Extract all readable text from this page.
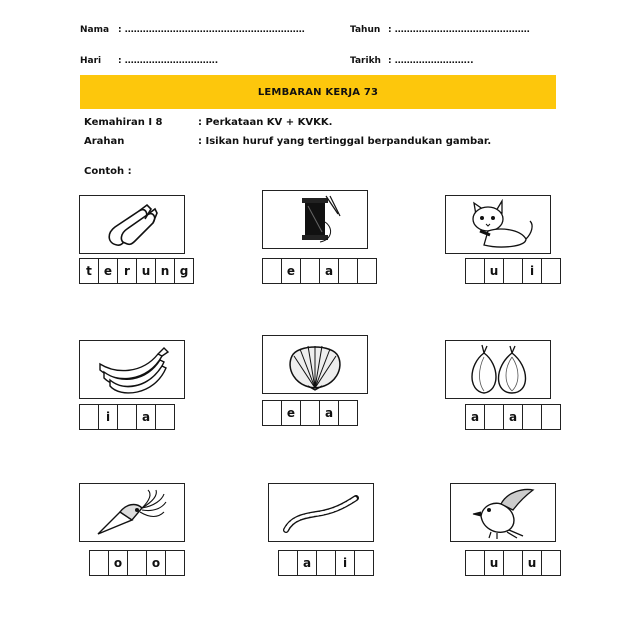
Nama : ……………………………………………………	Tahun : ………………………………………
Hari : ………………………….	Tarikh : ……………………..
LEMBARAN KERJA 73
Kemahiran I 8	: Perkataan KV + KVKK.
Arahan	: Isikan huruf yang tertinggal berpandukan gambar.
Contoh :
t	e r u n g	e	a	u	i
i	a	e	a	a	a
o	o	a	i	u	u
